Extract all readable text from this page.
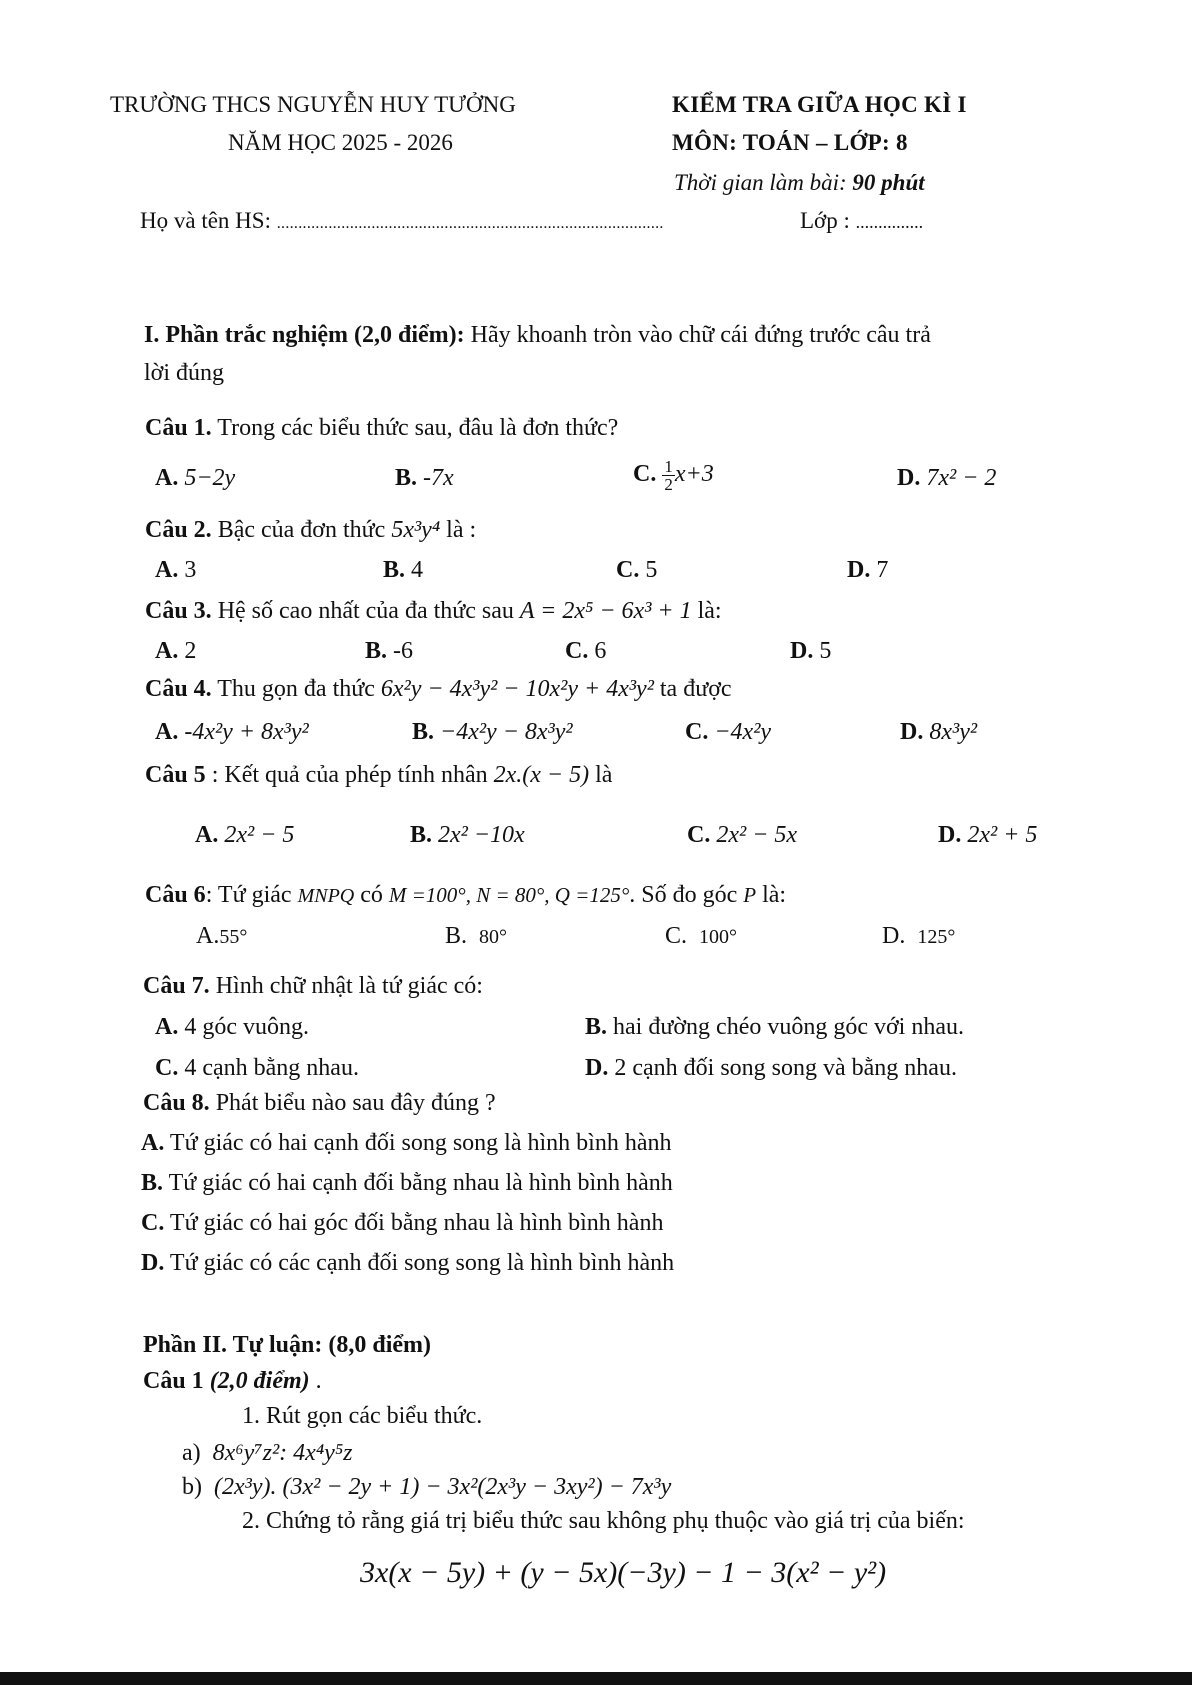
TRƯỜNG THCS NGUYỄN HUY TƯỞNG
NĂM HỌC 2025 - 2026
KIỂM TRA GIỮA HỌC KÌ I
MÔN: TOÁN – LỚP: 8
Thời gian làm bài: 90 phút
Họ và tên HS: ..........................................................................................	Lớp : ...............
I. Phần trắc nghiệm (2,0 điểm): Hãy khoanh tròn vào chữ cái đứng trước câu trả
lời đúng
Câu 1. Trong các biểu thức sau, đâu là đơn thức?
A. 5−2y	B. -7x	C. $\frac{1}{2} x+3$	D. 7x² − 2
Câu 2. Bậc của đơn thức 5x³y⁴ là :
A. 3	B. 4	C. 5	D. 7
Câu 3. Hệ số cao nhất của đa thức sau A = 2x⁵ − 6x³ + 1 là:
A. 2	B. -6	C. 6	D. 5
Câu 4. Thu gọn đa thức 6x²y − 4x³y² − 10x²y + 4x³y² ta được
A. -4x²y + 8x³y²	B. −4x²y − 8x³y²	C. −4x²y	D. 8x³y²
Câu 5 : Kết quả của phép tính nhân 2x.(x − 5) là
A. 2x² − 5	B. 2x² −10x	C. 2x² − 5x	D. 2x² + 5
Câu 6: Tứ giác MNPQ có M =100°, N = 80°, Q =125°. Số đo góc P là:
A.55°	B. 80°	C. 100°	D. 125°
Câu 7. Hình chữ nhật là tứ giác có:
A. 4 góc vuông.	B. hai đường chéo vuông góc với nhau.
C. 4 cạnh bằng nhau.	D. 2 cạnh đối song song và bằng nhau.
Câu 8. Phát biểu nào sau đây đúng ?
A. Tứ giác có hai cạnh đối song song là hình bình hành
B. Tứ giác có hai cạnh đối bằng nhau là hình bình hành
C. Tứ giác có hai góc đối bằng nhau là hình bình hành
D. Tứ giác có các cạnh đối song song là hình bình hành
Phần II. Tự luận: (8,0 điểm)
Câu 1 (2,0 điểm) .
1. Rút gọn các biểu thức.
a) 8x⁶y⁷z²: 4x⁴y⁵z
b) (2x³y). (3x² − 2y + 1) − 3x²(2x³y − 3xy²) − 7x³y
2. Chứng tỏ rằng giá trị biểu thức sau không phụ thuộc vào giá trị của biến:
3x(x − 5y) + (y − 5x)(−3y) − 1 − 3(x² − y²)
